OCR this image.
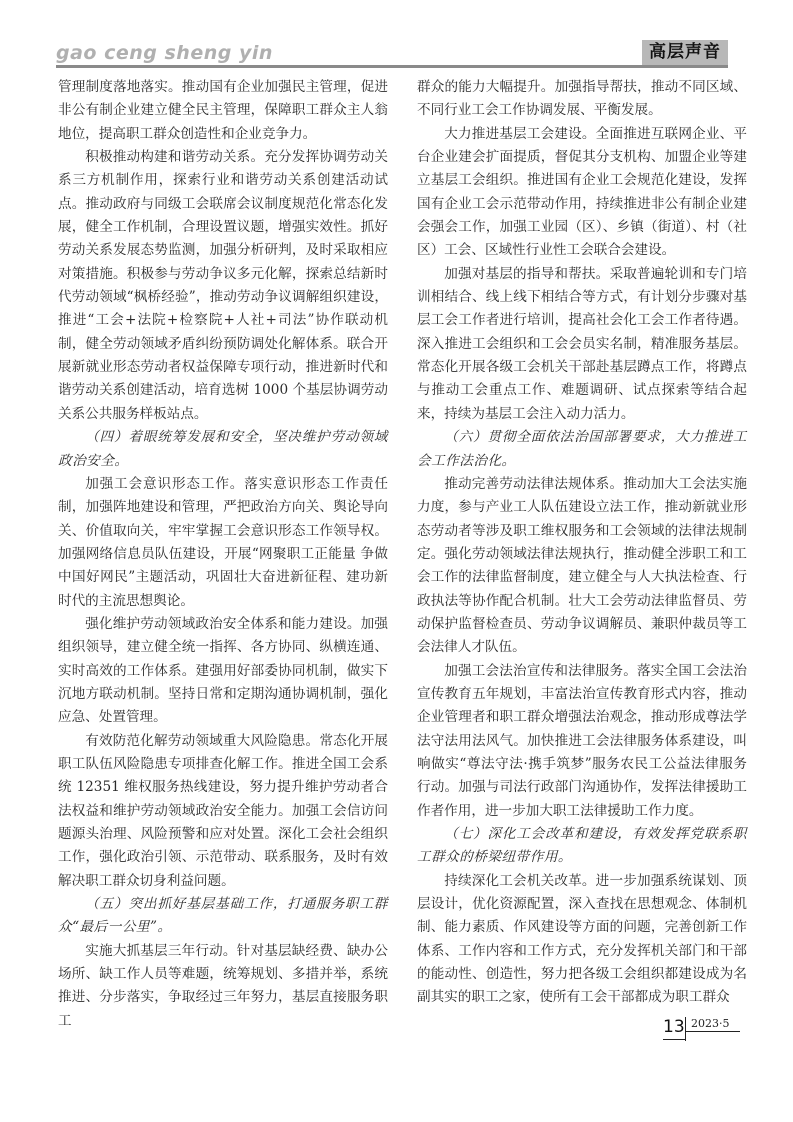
gao ceng sheng yin	高层声音

管理制度落地落实。推动国有企业加强民主管理，促进非公有制企业建立健全民主管理，保障职工群众主人翁地位，提高职工群众创造性和企业竞争力。

积极推动构建和谐劳动关系。充分发挥协调劳动关系三方机制作用，探索行业和谐劳动关系创建活动试点。推动政府与同级工会联席会议制度规范化常态化发展，健全工作机制，合理设置议题，增强实效性。抓好劳动关系发展态势监测，加强分析研判，及时采取相应对策措施。积极参与劳动争议多元化解，探索总结新时代劳动领域“枫桥经验”，推动劳动争议调解组织建设，推进“工会+法院+检察院+人社+司法”协作联动机制，健全劳动领域矛盾纠纷预防调处化解体系。联合开展新就业形态劳动者权益保障专项行动，推进新时代和谐劳动关系创建活动，培育选树 1000 个基层协调劳动关系公共服务样板站点。

（四）着眼统筹发展和安全，坚决维护劳动领域政治安全。

加强工会意识形态工作。落实意识形态工作责任制，加强阵地建设和管理，严把政治方向关、舆论导向关、价值取向关，牢牢掌握工会意识形态工作领导权。加强网络信息员队伍建设，开展“网聚职工正能量 争做中国好网民”主题活动，巩固壮大奋进新征程、建功新时代的主流思想舆论。

强化维护劳动领域政治安全体系和能力建设。加强组织领导，建立健全统一指挥、各方协同、纵横连通、实时高效的工作体系。建强用好部委协同机制，做实下沉地方联动机制。坚持日常和定期沟通协调机制，强化应急、处置管理。

有效防范化解劳动领域重大风险隐患。常态化开展职工队伍风险隐患专项排查化解工作。推进全国工会系统 12351 维权服务热线建设，努力提升维护劳动者合法权益和维护劳动领域政治安全能力。加强工会信访问题源头治理、风险预警和应对处置。深化工会社会组织工作，强化政治引领、示范带动、联系服务，及时有效解决职工群众切身利益问题。

（五）突出抓好基层基础工作，打通服务职工群众“最后一公里”。

实施大抓基层三年行动。针对基层缺经费、缺办公场所、缺工作人员等难题，统筹规划、多措并举，系统推进、分步落实，争取经过三年努力，基层直接服务职工

群众的能力大幅提升。加强指导帮扶，推动不同区域、不同行业工会工作协调发展、平衡发展。

大力推进基层工会建设。全面推进互联网企业、平台企业建会扩面提质，督促其分支机构、加盟企业等建立基层工会组织。推进国有企业工会规范化建设，发挥国有企业工会示范带动作用，持续推进非公有制企业建会强会工作，加强工业园（区）、乡镇（街道）、村（社区）工会、区域性行业性工会联合会建设。

加强对基层的指导和帮扶。采取普遍轮训和专门培训相结合、线上线下相结合等方式，有计划分步骤对基层工会工作者进行培训，提高社会化工会工作者待遇。深入推进工会组织和工会会员实名制，精准服务基层。常态化开展各级工会机关干部赴基层蹲点工作，将蹲点与推动工会重点工作、难题调研、试点探索等结合起来，持续为基层工会注入动力活力。

（六）贯彻全面依法治国部署要求，大力推进工会工作法治化。

推动完善劳动法律法规体系。推动加大工会法实施力度，参与产业工人队伍建设立法工作，推动新就业形态劳动者等涉及职工维权服务和工会领域的法律法规制定。强化劳动领域法律法规执行，推动健全涉职工和工会工作的法律监督制度，建立健全与人大执法检查、行政执法等协作配合机制。壮大工会劳动法律监督员、劳动保护监督检查员、劳动争议调解员、兼职仲裁员等工会法律人才队伍。

加强工会法治宣传和法律服务。落实全国工会法治宣传教育五年规划，丰富法治宣传教育形式内容，推动企业管理者和职工群众增强法治观念，推动形成尊法学法守法用法风气。加快推进工会法律服务体系建设，叫响做实“尊法守法·携手筑梦”服务农民工公益法律服务行动。加强与司法行政部门沟通协作，发挥法律援助工作者作用，进一步加大职工法律援助工作力度。

（七）深化工会改革和建设，有效发挥党联系职工群众的桥梁纽带作用。

持续深化工会机关改革。进一步加强系统谋划、顶层设计，优化资源配置，深入查找在思想观念、体制机制、能力素质、作风建设等方面的问题，完善创新工作体系、工作内容和工作方式，充分发挥机关部门和干部的能动性、创造性，努力把各级工会组织都建设成为名副其实的职工之家，使所有工会干部都成为职工群众

13 2023·5
